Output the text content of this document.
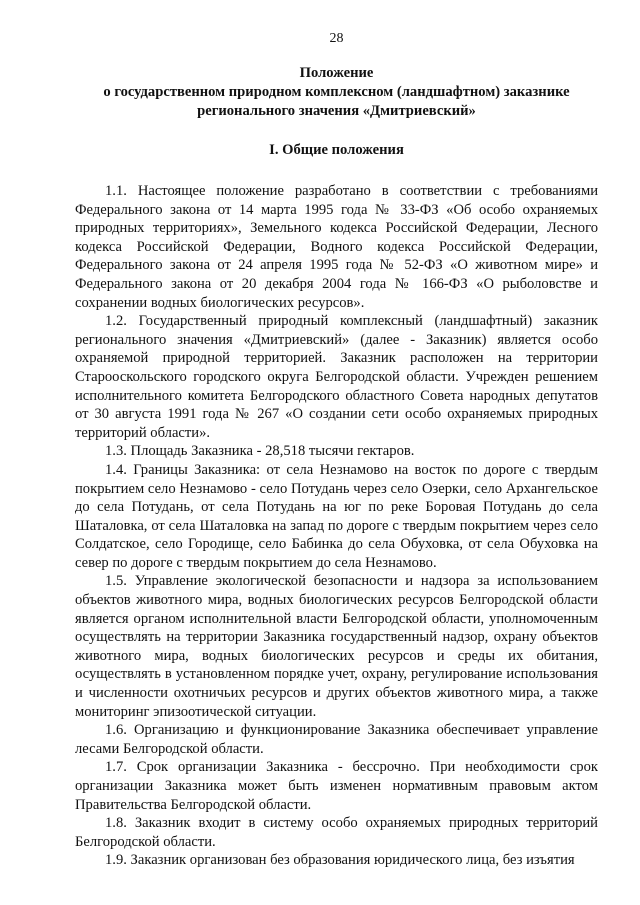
28
Положение
о государственном природном комплексном (ландшафтном) заказнике
регионального значения «Дмитриевский»
I. Общие положения

1.1. Настоящее положение разработано в соответствии с требованиями Федерального закона от 14 марта 1995 года № 33-ФЗ «Об особо охраняемых природных территориях», Земельного кодекса Российской Федерации, Лесного кодекса Российской Федерации, Водного кодекса Российской Федерации, Федерального закона от 24 апреля 1995 года № 52-ФЗ «О животном мире» и Федерального закона от 20 декабря 2004 года № 166-ФЗ «О рыболовстве и сохранении водных биологических ресурсов».

1.2. Государственный природный комплексный (ландшафтный) заказник регионального значения «Дмитриевский» (далее - Заказник) является особо охраняемой природной территорией. Заказник расположен на территории Старооскольского городского округа Белгородской области. Учрежден решением исполнительного комитета Белгородского областного Совета народных депутатов от 30 августа 1991 года № 267 «О создании сети особо охраняемых природных территорий области».

1.3. Площадь Заказника - 28,518 тысячи гектаров.

1.4. Границы Заказника: от села Незнамово на восток по дороге с твердым покрытием село Незнамово - село Потудань через село Озерки, село Архангельское до села Потудань, от села Потудань на юг по реке Боровая Потудань до села Шаталовка, от села Шаталовка на запад по дороге с твердым покрытием через село Солдатское, село Городище, село Бабинка до села Обуховка, от села Обуховка на север по дороге с твердым покрытием до села Незнамово.

1.5. Управление экологической безопасности и надзора за использованием объектов животного мира, водных биологических ресурсов Белгородской области является органом исполнительной власти Белгородской области, уполномоченным осуществлять на территории Заказника государственный надзор, охрану объектов животного мира, водных биологических ресурсов и среды их обитания, осуществлять в установленном порядке учет, охрану, регулирование использования и численности охотничьих ресурсов и других объектов животного мира, а также мониторинг эпизоотической ситуации.

1.6. Организацию и функционирование Заказника обеспечивает управление лесами Белгородской области.

1.7. Срок организации Заказника - бессрочно. При необходимости срок организации Заказника может быть изменен нормативным правовым актом Правительства Белгородской области.

1.8. Заказник входит в систему особо охраняемых природных территорий Белгородской области.

1.9. Заказник организован без образования юридического лица, без изъятия
